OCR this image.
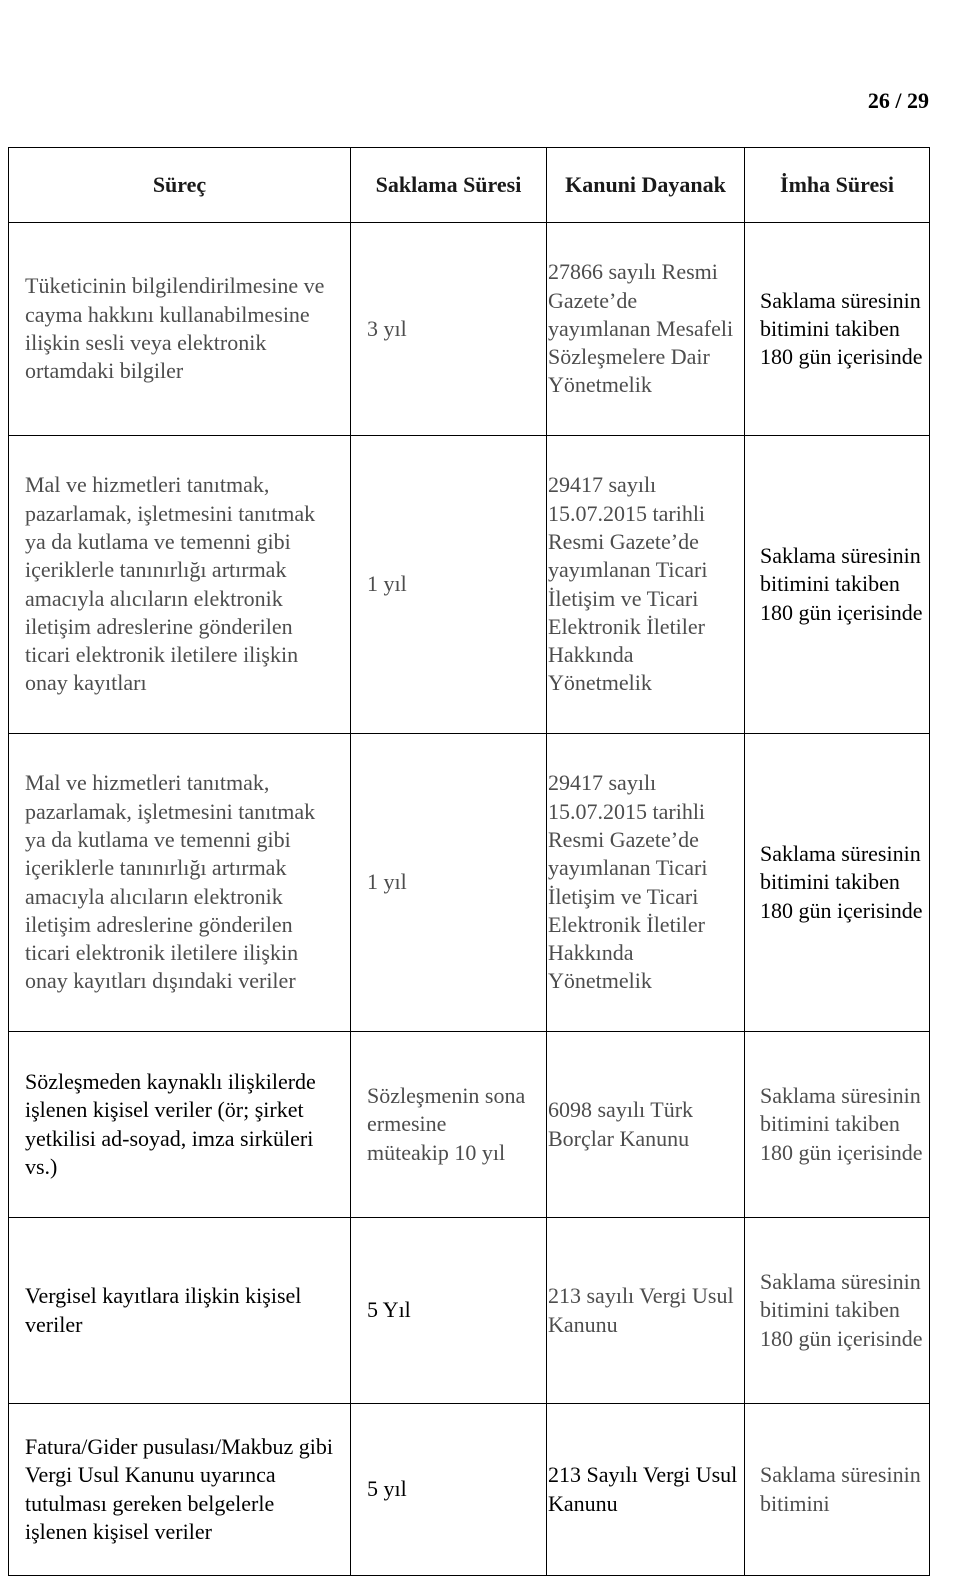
26 / 29
Süreç	Saklama Süresi	Kanuni Dayanak	İmha Süresi
Tüketicinin bilgilendirilmesine ve cayma hakkını kullanabilmesine ilişkin sesli veya elektronik ortamdaki bilgiler	3 yıl	27866 sayılı Resmi Gazete’de yayımlanan Mesafeli Sözleşmelere Dair Yönetmelik	Saklama süresinin bitimini takiben 180 gün içerisinde
Mal ve hizmetleri tanıtmak, pazarlamak, işletmesini tanıtmak ya da kutlama ve temenni gibi içeriklerle tanınırlığı artırmak amacıyla alıcıların elektronik iletişim adreslerine gönderilen ticari elektronik iletilere ilişkin onay kayıtları	1 yıl	29417 sayılı 15.07.2015 tarihli Resmi Gazete’de yayımlanan Ticari İletişim ve Ticari Elektronik İletiler Hakkında Yönetmelik	Saklama süresinin bitimini takiben 180 gün içerisinde
Mal ve hizmetleri tanıtmak, pazarlamak, işletmesini tanıtmak ya da kutlama ve temenni gibi içeriklerle tanınırlığı artırmak amacıyla alıcıların elektronik iletişim adreslerine gönderilen ticari elektronik iletilere ilişkin onay kayıtları dışındaki veriler	1 yıl	29417 sayılı 15.07.2015 tarihli Resmi Gazete’de yayımlanan Ticari İletişim ve Ticari Elektronik İletiler Hakkında Yönetmelik	Saklama süresinin bitimini takiben 180 gün içerisinde
Sözleşmeden kaynaklı ilişkilerde işlenen kişisel veriler (ör; şirket yetkilisi ad-soyad, imza sirküleri vs.)	Sözleşmenin sona ermesine müteakip 10 yıl	6098 sayılı Türk Borçlar Kanunu	Saklama süresinin bitimini takiben 180 gün içerisinde
Vergisel kayıtlara ilişkin kişisel veriler	5 Yıl	213 sayılı Vergi Usul Kanunu	Saklama süresinin bitimini takiben 180 gün içerisinde
Fatura/Gider pusulası/Makbuz gibi Vergi Usul Kanunu uyarınca tutulması gereken belgelerle işlenen kişisel veriler	5 yıl	213 Sayılı Vergi Usul Kanunu	Saklama süresinin bitimini
